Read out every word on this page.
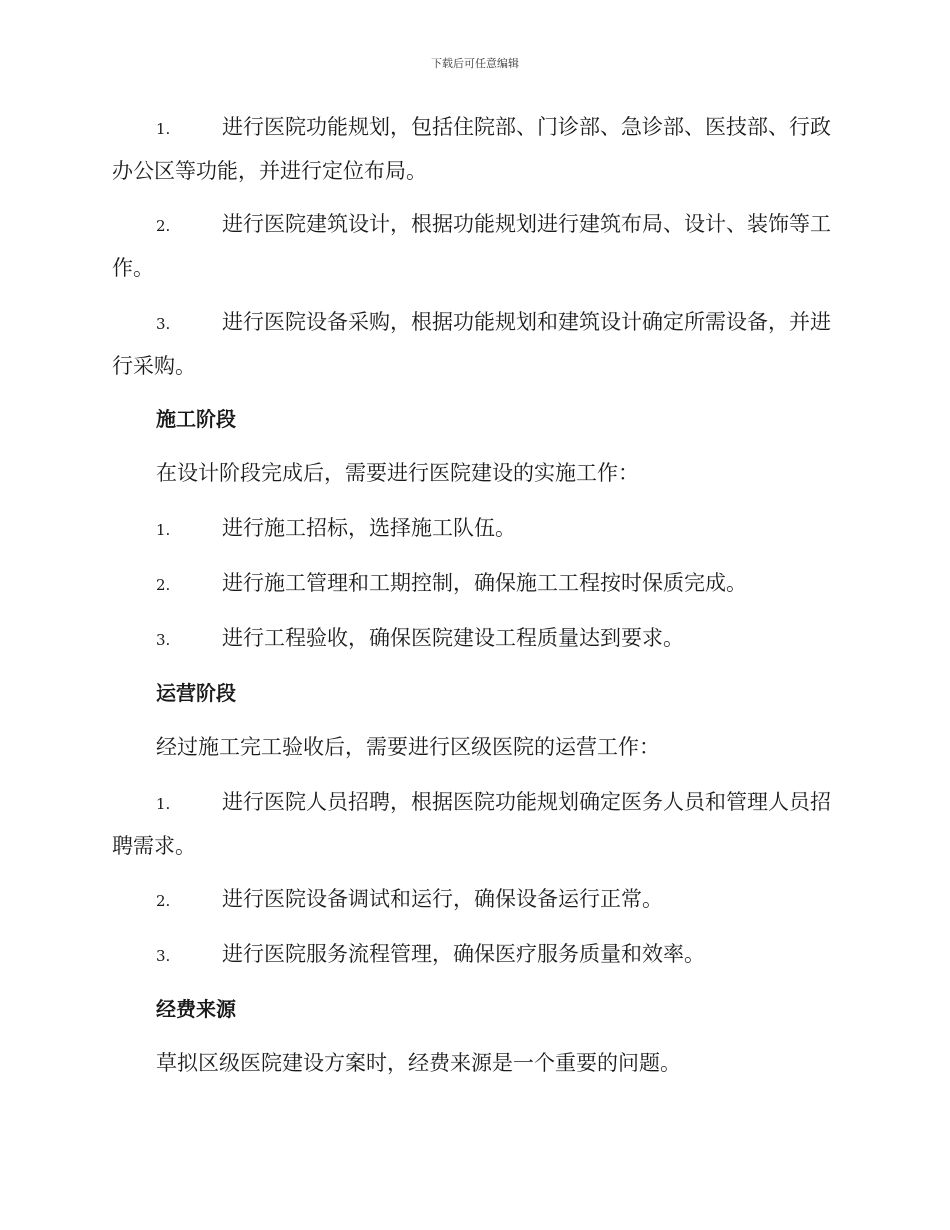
下载后可任意编辑

1. 进行医院功能规划，包括住院部、门诊部、急诊部、医技部、行政办公区等功能，并进行定位布局。

2. 进行医院建筑设计，根据功能规划进行建筑布局、设计、装饰等工作。

3. 进行医院设备采购，根据功能规划和建筑设计确定所需设备，并进行采购。

施工阶段

在设计阶段完成后，需要进行医院建设的实施工作：

1. 进行施工招标，选择施工队伍。

2. 进行施工管理和工期控制，确保施工工程按时保质完成。

3. 进行工程验收，确保医院建设工程质量达到要求。

运营阶段

经过施工完工验收后，需要进行区级医院的运营工作：

1. 进行医院人员招聘，根据医院功能规划确定医务人员和管理人员招聘需求。

2. 进行医院设备调试和运行，确保设备运行正常。

3. 进行医院服务流程管理，确保医疗服务质量和效率。

经费来源

草拟区级医院建设方案时，经费来源是一个重要的问题。
